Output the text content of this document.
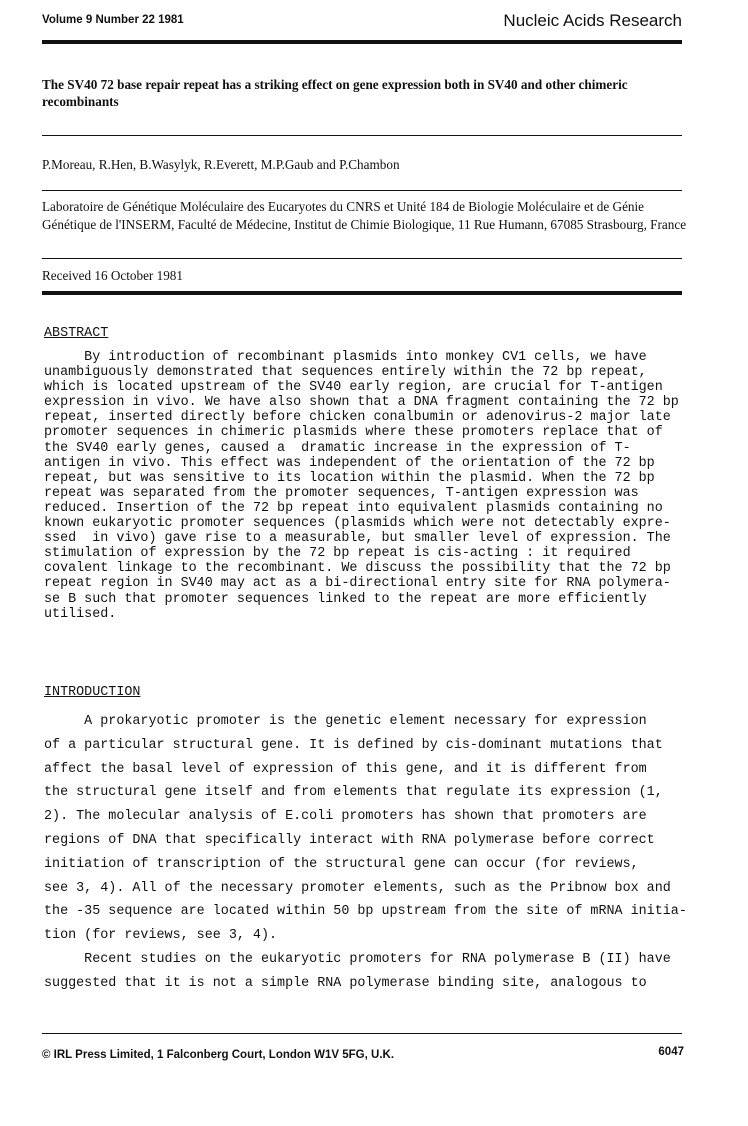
Volume 9 Number 22 1981	Nucleic Acids Research
The SV40 72 base repair repeat has a striking effect on gene expression both in SV40 and other chimeric recombinants
P.Moreau, R.Hen, B.Wasylyk, R.Everett, M.P.Gaub and P.Chambon
Laboratoire de Génétique Moléculaire des Eucaryotes du CNRS et Unité 184 de Biologie Moléculaire et de Génie Génétique de l'INSERM, Faculté de Médecine, Institut de Chimie Biologique, 11 Rue Humann, 67085 Strasbourg, France
Received 16 October 1981
ABSTRACT
By introduction of recombinant plasmids into monkey CV1 cells, we have
unambiguously demonstrated that sequences entirely within the 72 bp repeat,
which is located upstream of the SV40 early region, are crucial for T-antigen
expression in vivo. We have also shown that a DNA fragment containing the 72 bp
repeat, inserted directly before chicken conalbumin or adenovirus-2 major late
promoter sequences in chimeric plasmids where these promoters replace that of
the SV40 early genes, caused a  dramatic increase in the expression of T-
antigen in vivo. This effect was independent of the orientation of the 72 bp
repeat, but was sensitive to its location within the plasmid. When the 72 bp
repeat was separated from the promoter sequences, T-antigen expression was
reduced. Insertion of the 72 bp repeat into equivalent plasmids containing no
known eukaryotic promoter sequences (plasmids which were not detectably expre-
ssed  in vivo) gave rise to a measurable, but smaller level of expression. The
stimulation of expression by the 72 bp repeat is cis-acting : it required
covalent linkage to the recombinant. We discuss the possibility that the 72 bp
repeat region in SV40 may act as a bi-directional entry site for RNA polymera-
se B such that promoter sequences linked to the repeat are more efficiently
utilised.
INTRODUCTION
A prokaryotic promoter is the genetic element necessary for expression
of a particular structural gene. It is defined by cis-dominant mutations that
affect the basal level of expression of this gene, and it is different from
the structural gene itself and from elements that regulate its expression (1,
2). The molecular analysis of E.coli promoters has shown that promoters are
regions of DNA that specifically interact with RNA polymerase before correct
initiation of transcription of the structural gene can occur (for reviews,
see 3, 4). All of the necessary promoter elements, such as the Pribnow box and
the -35 sequence are located within 50 bp upstream from the site of mRNA initia-
tion (for reviews, see 3, 4).
Recent studies on the eukaryotic promoters for RNA polymerase B (II) have
suggested that it is not a simple RNA polymerase binding site, analogous to
© IRL Press Limited, 1 Falconberg Court, London W1V 5FG, U.K.	6047
